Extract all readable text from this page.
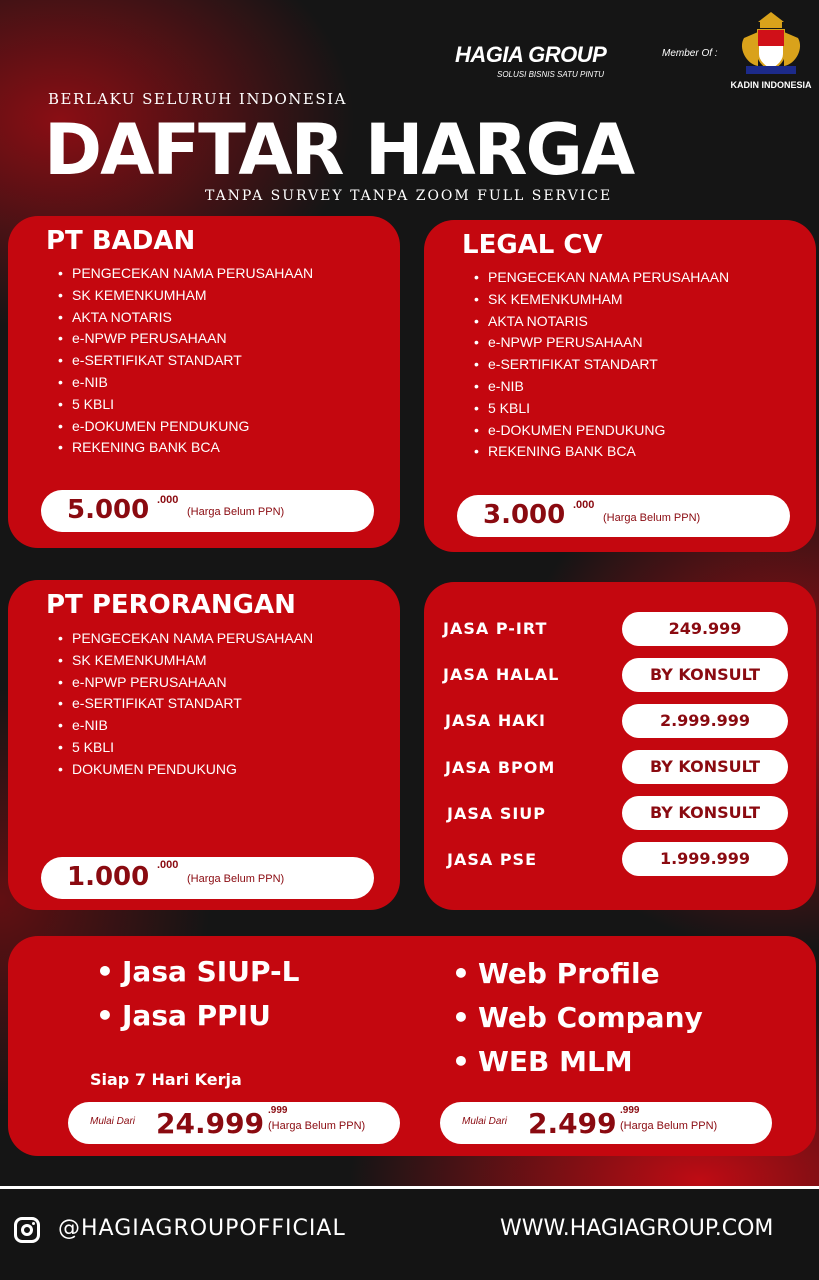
HAGIA GROUP
SOLUSI BISNIS SATU PINTU
Member Of :
KADIN INDONESIA
BERLAKU SELURUH INDONESIA
DAFTAR HARGA
TANPA SURVEY TANPA ZOOM FULL SERVICE
PT BADAN
• PENGECEKAN NAMA PERUSAHAAN
• SK KEMENKUMHAM
• AKTA NOTARIS
• e-NPWP PERUSAHAAN
• e-SERTIFIKAT STANDART
• e-NIB
• 5 KBLI
• e-DOKUMEN PENDUKUNG
• REKENING BANK BCA
5.000 .000
(Harga Belum PPN)
LEGAL CV
• PENGECEKAN NAMA PERUSAHAAN
• SK KEMENKUMHAM
• AKTA NOTARIS
• e-NPWP PERUSAHAAN
• e-SERTIFIKAT STANDART
• e-NIB
• 5 KBLI
• e-DOKUMEN PENDUKUNG
• REKENING BANK BCA
3.000 .000
(Harga Belum PPN)
PT PERORANGAN
• PENGECEKAN NAMA PERUSAHAAN
• SK KEMENKUMHAM
• e-NPWP PERUSAHAAN
• e-SERTIFIKAT STANDART
• e-NIB
• 5 KBLI
• DOKUMEN PENDUKUNG
1.000 .000
(Harga Belum PPN)
JASA P-IRT	249.999
JASA HALAL	BY KONSULT
JASA HAKI	2.999.999
JASA BPOM	BY KONSULT
JASA SIUP	BY KONSULT
JASA PSE	1.999.999
• Jasa SIUP-L
• Jasa PPIU
• Web Profile
• Web Company
• WEB MLM
Siap 7 Hari Kerja
Mulai Dari 24.999 .999
(Harga Belum PPN)	Mulai Dari 2.499 .999
(Harga Belum PPN)
@HAGIAGROUPOFFICIAL	WWW.HAGIAGROUP.COM
